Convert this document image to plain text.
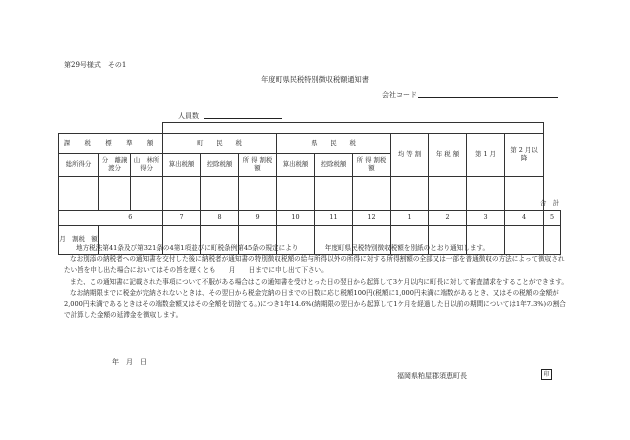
第29号様式　その1
年度町県民税特別徴収税額通知書
会社コード
人員数

課　税　標　準　額			町　　民　　税			県　　民　　税			均 等 割	年 税 額	第 1 月	第 2 月以　降	
総所得分	分　離譲渡分	山　林所得分	算出税額	控除税額	所 得 割税　額	算出税額	控除税額	所 得 割税　額					

	6		7	8	9	10	11	12	1	2	3	4	5
月　割税　額													
合　計

地方税法第41条及び第321条の4第1項並びに町税条例第45条の規定により　　　　年度町県民税特別徴収税額を別紙のとおり通知します。

なお別添の納税者への通知書を交付した後に納税者が通知書の特別徴収税額の給与所得以外の所得に対する所得割額の全部又は一部を普通徴収の方法によって徴収されたい旨を申し出た場合においてはその旨を遅くとも　　月　　日までに申し出て下さい。

また、この通知書に記載された事項について不服がある場合はこの通知書を受けとった日の翌日から起算して3ケ月以内に町長に対して審査請求をすることができます。

なお納期限までに税金が完納されないときは、その翌日から税金完納の日までの日数に応じ税額100円(税額に1,000円未満に端数があるとき、又はその税額の金額が2,000円未満であるときはその端数金額又はその全額を切捨てる。)につき1年14.6%(納期限の翌日から起算して1ケ月を経過した日以前の期間については1年7.3%)の割合で計算した金額の延滞金を徴収します。

年　月　日
福岡県粕屋郡須恵町長	印
